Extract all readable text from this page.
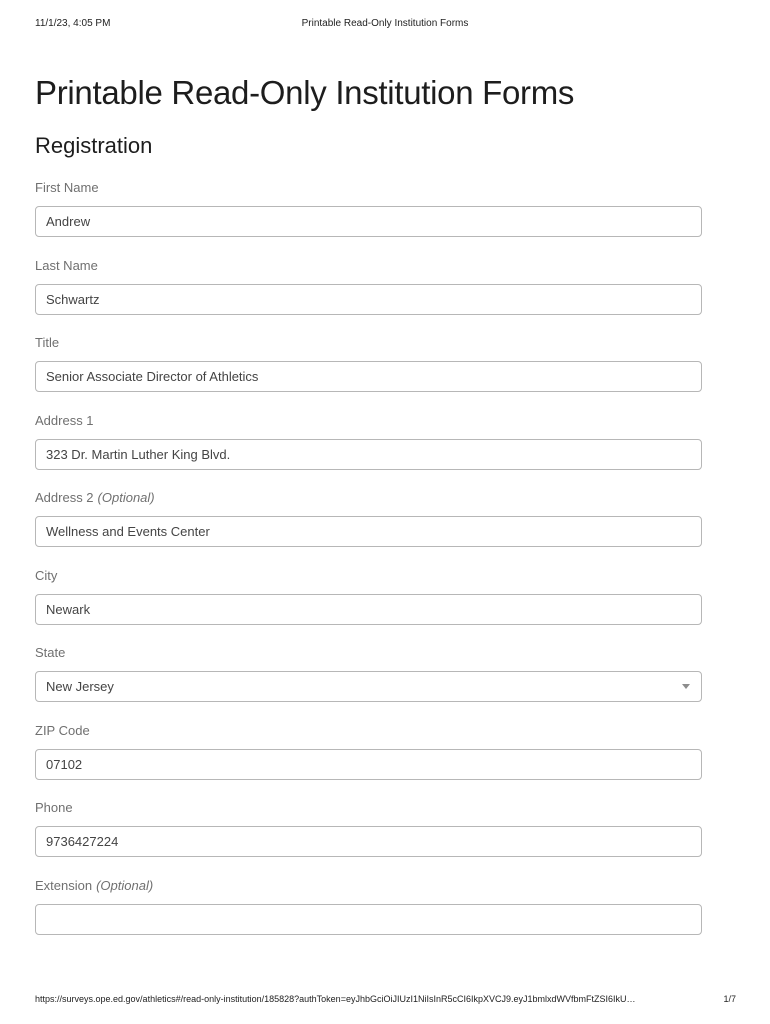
11/1/23, 4:05 PM	Printable Read-Only Institution Forms
Printable Read-Only Institution Forms
Registration
First Name
Andrew
Last Name
Schwartz
Title
Senior Associate Director of Athletics
Address 1
323 Dr. Martin Luther King Blvd.
Address 2 (Optional)
Wellness and Events Center
City
Newark
State
New Jersey
ZIP Code
07102
Phone
9736427224
Extension (Optional)
https://surveys.ope.ed.gov/athletics#/read-only-institution/185828?authToken=eyJhbGciOiJIUzI1NiIsInR5cCI6IkpXVCJ9.eyJ1bmlxdWVfbmFtZSI6IkU…	1/7
